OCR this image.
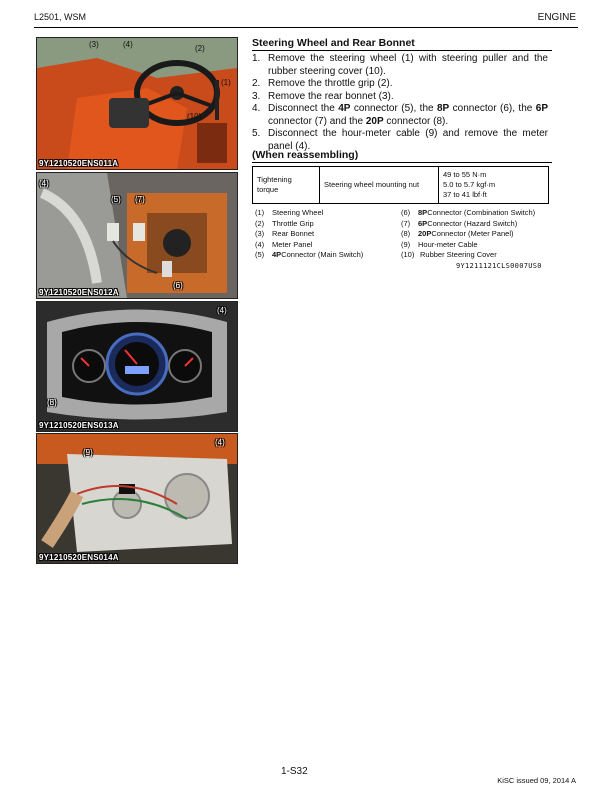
L2501, WSM	ENGINE
(3)	(4)	(2)
(1)
(10)
9Y1210520ENS011A
(4)
(5) (7)
(6)
9Y1210520ENS012A
(4)
(8)
9Y1210520ENS013A
(9)
(4)
9Y1210520ENS014A
Steering Wheel and Rear Bonnet
1. Remove the steering wheel (1) with steering puller and the rubber steering cover (10).
2. Remove the throttle grip (2).
3. Remove the rear bonnet (3).
4. Disconnect the 4P connector (5), the 8P connector (6), the 6P connector (7) and the 20P connector (8).
5. Disconnect the hour-meter cable (9) and remove the meter panel (4).
(When reassembling)
Tightening torque	Steering wheel mounting nut	
49 to 55 N·m
5.0 to 5.7 kgf·m
37 to 41 lbf·ft
(1)	Steering Wheel
(2)	Throttle Grip
(3)	Rear Bonnet
(4)	Meter Panel
(5)	4P Connector (Main Switch)
(6)	8P Connector (Combination Switch)
(7)	6P Connector (Hazard Switch)
(8)	20P Connector (Meter Panel)
(9)	Hour-meter Cable
(10) Rubber Steering Cover
9Y1211121CLS0007US0
1-S32
KiSC issued 09, 2014 A
